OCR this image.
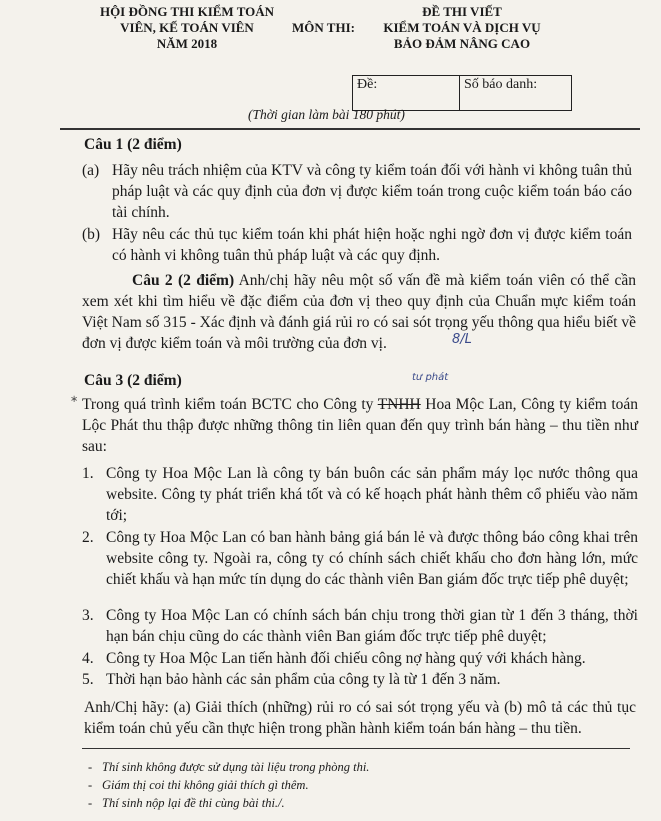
HỘI ĐỒNG THI KIỂM TOÁN
VIÊN, KẾ TOÁN VIÊN
NĂM 2018
MÔN THI:
ĐỀ THI VIẾT
KIỂM TOÁN VÀ DỊCH VỤ
BẢO ĐẢM NÂNG CAO
Đề:	Số báo danh:
(Thời gian làm bài 180 phút)
Câu 1 (2 điểm)
(a) Hãy nêu trách nhiệm của KTV và công ty kiểm toán đối với hành vi không tuân thủ pháp luật và các quy định của đơn vị được kiểm toán trong cuộc kiểm toán báo cáo tài chính.
(b) Hãy nêu các thủ tục kiểm toán khi phát hiện hoặc nghi ngờ đơn vị được kiểm toán có hành vi không tuân thủ pháp luật và các quy định.
Câu 2 (2 điểm) Anh/chị hãy nêu một số vấn đề mà kiểm toán viên có thể cần xem xét khi tìm hiểu về đặc điểm của đơn vị theo quy định của Chuẩn mực kiểm toán Việt Nam số 315 - Xác định và đánh giá rủi ro có sai sót trọng yếu thông qua hiểu biết về đơn vị được kiểm toán và môi trường của đơn vị.	8/L
Câu 3 (2 điểm)
∗
tư phát
Trong quá trình kiểm toán BCTC cho Công ty TNHH Hoa Mộc Lan, Công ty kiểm toán Lộc Phát thu thập được những thông tin liên quan đến quy trình bán hàng – thu tiền như sau:
1. Công ty Hoa Mộc Lan là công ty bán buôn các sản phẩm máy lọc nước thông qua website. Công ty phát triển khá tốt và có kế hoạch phát hành thêm cổ phiếu vào năm tới;
2. Công ty Hoa Mộc Lan có ban hành bảng giá bán lẻ và được thông báo công khai trên website công ty. Ngoài ra, công ty có chính sách chiết khấu cho đơn hàng lớn, mức chiết khấu và hạn mức tín dụng do các thành viên Ban giám đốc trực tiếp phê duyệt;
3. Công ty Hoa Mộc Lan có chính sách bán chịu trong thời gian từ 1 đến 3 tháng, thời hạn bán chịu cũng do các thành viên Ban giám đốc trực tiếp phê duyệt;
4. Công ty Hoa Mộc Lan tiến hành đối chiếu công nợ hàng quý với khách hàng.
5. Thời hạn bảo hành các sản phẩm của công ty là từ 1 đến 3 năm.
Anh/Chị hãy: (a) Giải thích (những) rủi ro có sai sót trọng yếu và (b) mô tả các thủ tục kiểm toán chủ yếu cần thực hiện trong phần hành kiểm toán bán hàng – thu tiền.
- Thí sinh không được sử dụng tài liệu trong phòng thi.
- Giám thị coi thi không giải thích gì thêm.
- Thí sinh nộp lại đề thi cùng bài thi./.
